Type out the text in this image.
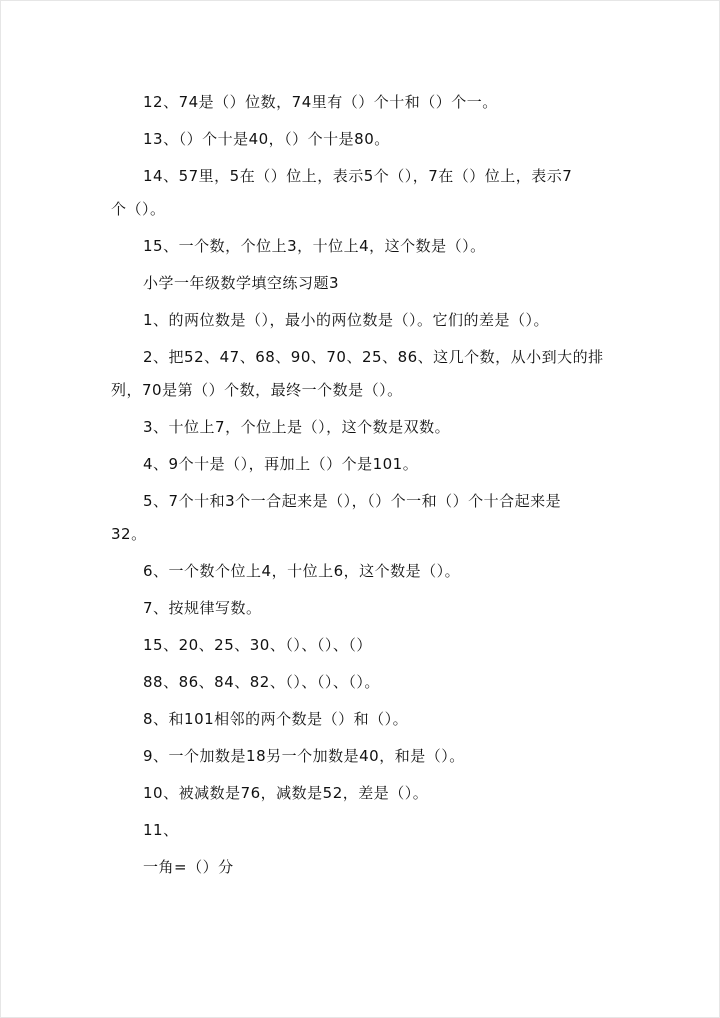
12、74是（）位数，74里有（）个十和（）个一。

13、（）个十是40，（）个十是80。

14、57里，5在（）位上，表示5个（），7在（）位上，表示7

个（）。

15、一个数，个位上3，十位上4，这个数是（）。

小学一年级数学填空练习题3

1、的两位数是（），最小的两位数是（）。它们的差是（）。

2、把52、47、68、90、70、25、86、这几个数，从小到大的排

列，70是第（）个数，最终一个数是（）。

3、十位上7，个位上是（），这个数是双数。

4、9个十是（），再加上（）个是101。

5、7个十和3个一合起来是（），（）个一和（）个十合起来是

32。

6、一个数个位上4，十位上6，这个数是（）。

7、按规律写数。

15、20、25、30、（）、（）、（）

88、86、84、82、（）、（）、（）。

8、和101相邻的两个数是（）和（）。

9、一个加数是18另一个加数是40，和是（）。

10、被减数是76，减数是52，差是（）。

11、

一角=（）分
